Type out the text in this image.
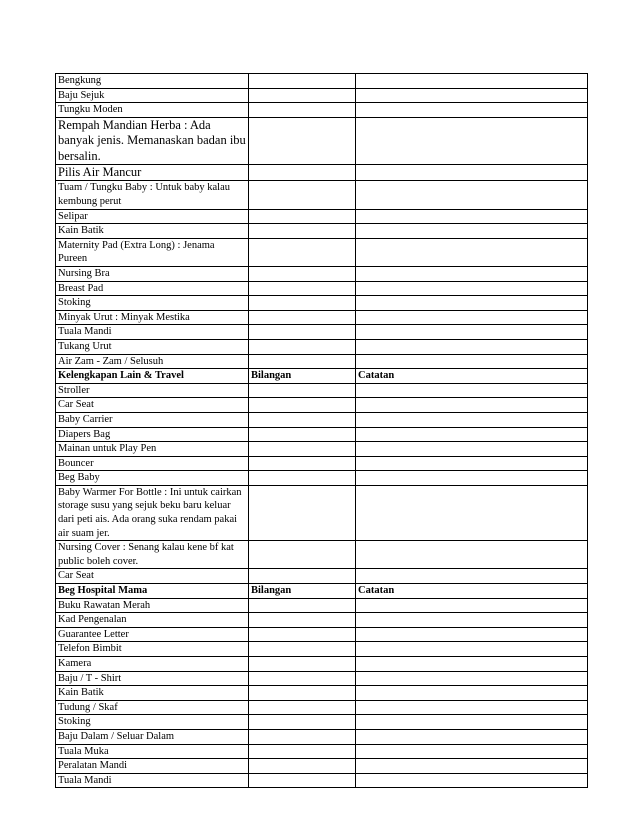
Bengkung		
Baju Sejuk		
Tungku Moden		
Rempah Mandian Herba : Ada banyak jenis. Memanaskan badan ibu bersalin.		
Pilis Air Mancur		
Tuam / Tungku Baby : Untuk baby kalau kembung perut		
Selipar		
Kain Batik		
Maternity Pad (Extra Long) : Jenama Pureen		
Nursing Bra		
Breast Pad		
Stoking		
Minyak Urut : Minyak Mestika		
Tuala Mandi		
Tukang Urut		
Air Zam - Zam / Selusuh		
Kelengkapan Lain & Travel	Bilangan	Catatan
Stroller		
Car Seat		
Baby Carrier		
Diapers Bag		
Mainan untuk Play Pen		
Bouncer		
Beg Baby		
Baby Warmer For Bottle : Ini untuk cairkan storage susu yang sejuk beku baru keluar dari peti ais. Ada orang suka rendam pakai air suam jer.		
Nursing Cover : Senang kalau kene bf kat public boleh cover.		
Car Seat		
Beg Hospital Mama	Bilangan	Catatan
Buku Rawatan Merah		
Kad Pengenalan		
Guarantee Letter		
Telefon Bimbit		
Kamera		
Baju / T - Shirt		
Kain Batik		
Tudung / Skaf		
Stoking		
Baju Dalam / Seluar Dalam		
Tuala Muka		
Peralatan Mandi		
Tuala Mandi		
